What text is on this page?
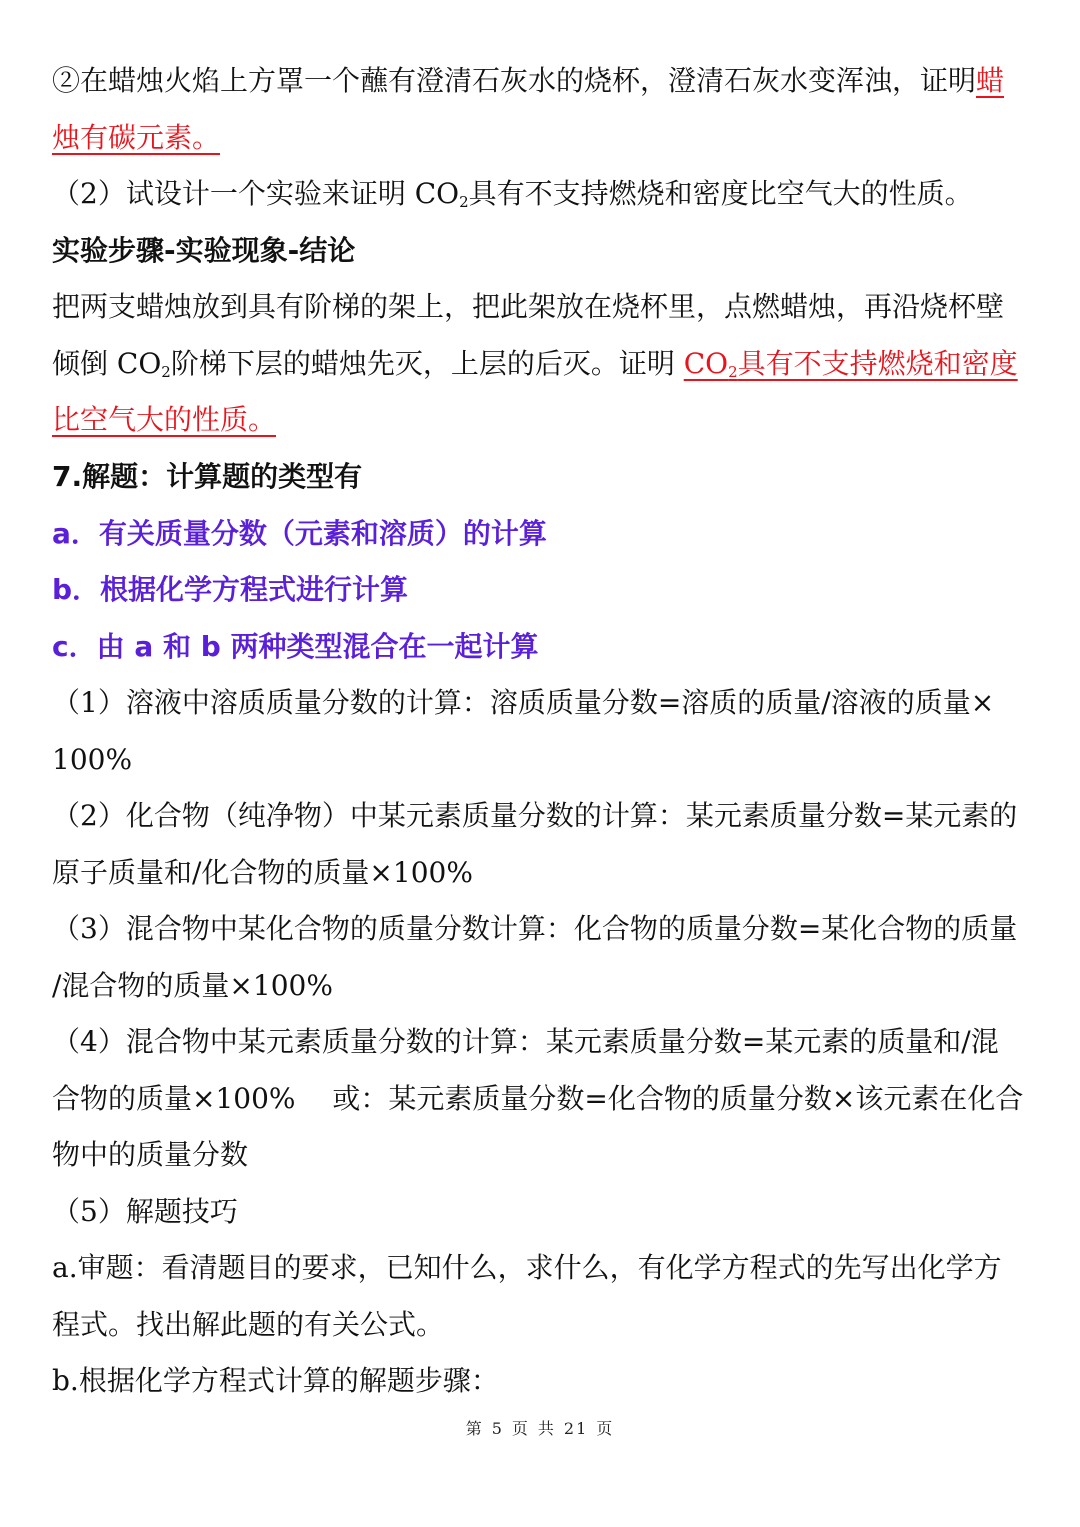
②在蜡烛火焰上方罩一个蘸有澄清石灰水的烧杯，澄清石灰水变浑浊，证明蜡
烛有碳元素。
（2）试设计一个实验来证明 $CO_2$具有不支持燃烧和密度比空气大的性质。
实验步骤-实验现象-结论
把两支蜡烛放到具有阶梯的架上，把此架放在烧杯里，点燃蜡烛，再沿烧杯壁
倾倒 $CO_2$阶梯下层的蜡烛先灭，上层的后灭。证明 $CO_2$具有不支持燃烧和密度
比空气大的性质。
7.解题：计算题的类型有
a．有关质量分数（元素和溶质）的计算
b．根据化学方程式进行计算
c．由 a 和 b 两种类型混合在一起计算
（1）溶液中溶质质量分数的计算：溶质质量分数=溶质的质量/溶液的质量×
100%
（2）化合物（纯净物）中某元素质量分数的计算：某元素质量分数=某元素的
原子质量和/化合物的质量×100%
（3）混合物中某化合物的质量分数计算：化合物的质量分数=某化合物的质量
/混合物的质量×100%
（4）混合物中某元素质量分数的计算：某元素质量分数=某元素的质量和/混
合物的质量×100%　 或：某元素质量分数=化合物的质量分数×该元素在化合
物中的质量分数
（5）解题技巧
a.审题：看清题目的要求，已知什么，求什么，有化学方程式的先写出化学方
程式。找出解此题的有关公式。
b.根据化学方程式计算的解题步骤：
第 5 页 共 21 页
